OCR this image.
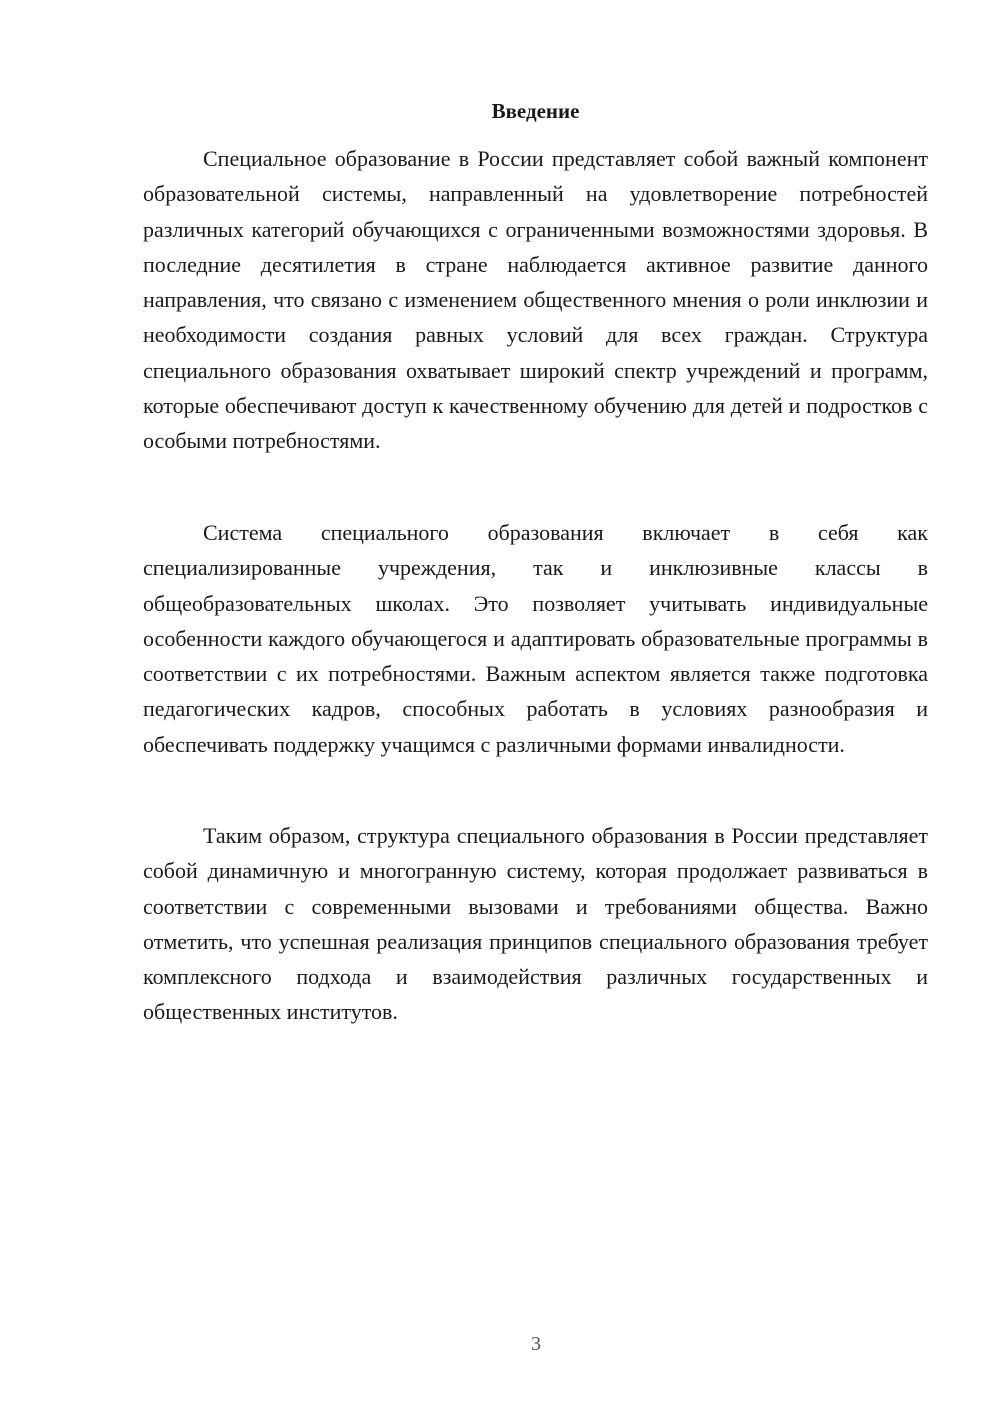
Введение

Специальное образование в России представляет собой важный компонент образовательной системы, направленный на удовлетворение потребностей различных категорий обучающихся с ограниченными возможностями здоровья. В последние десятилетия в стране наблюдается активное развитие данного направления, что связано с изменением общественного мнения о роли инклюзии и необходимости создания равных условий для всех граждан. Структура специального образования охватывает широкий спектр учреждений и программ, которые обеспечивают доступ к качественному обучению для детей и подростков с особыми потребностями.

Система специального образования включает в себя как специализированные учреждения, так и инклюзивные классы в общеобразовательных школах. Это позволяет учитывать индивидуальные особенности каждого обучающегося и адаптировать образовательные программы в соответствии с их потребностями. Важным аспектом является также подготовка педагогических кадров, способных работать в условиях разнообразия и обеспечивать поддержку учащимся с различными формами инвалидности.

Таким образом, структура специального образования в России представляет собой динамичную и многогранную систему, которая продолжает развиваться в соответствии с современными вызовами и требованиями общества. Важно отметить, что успешная реализация принципов специального образования требует комплексного подхода и взаимодействия различных государственных и общественных институтов.

3
